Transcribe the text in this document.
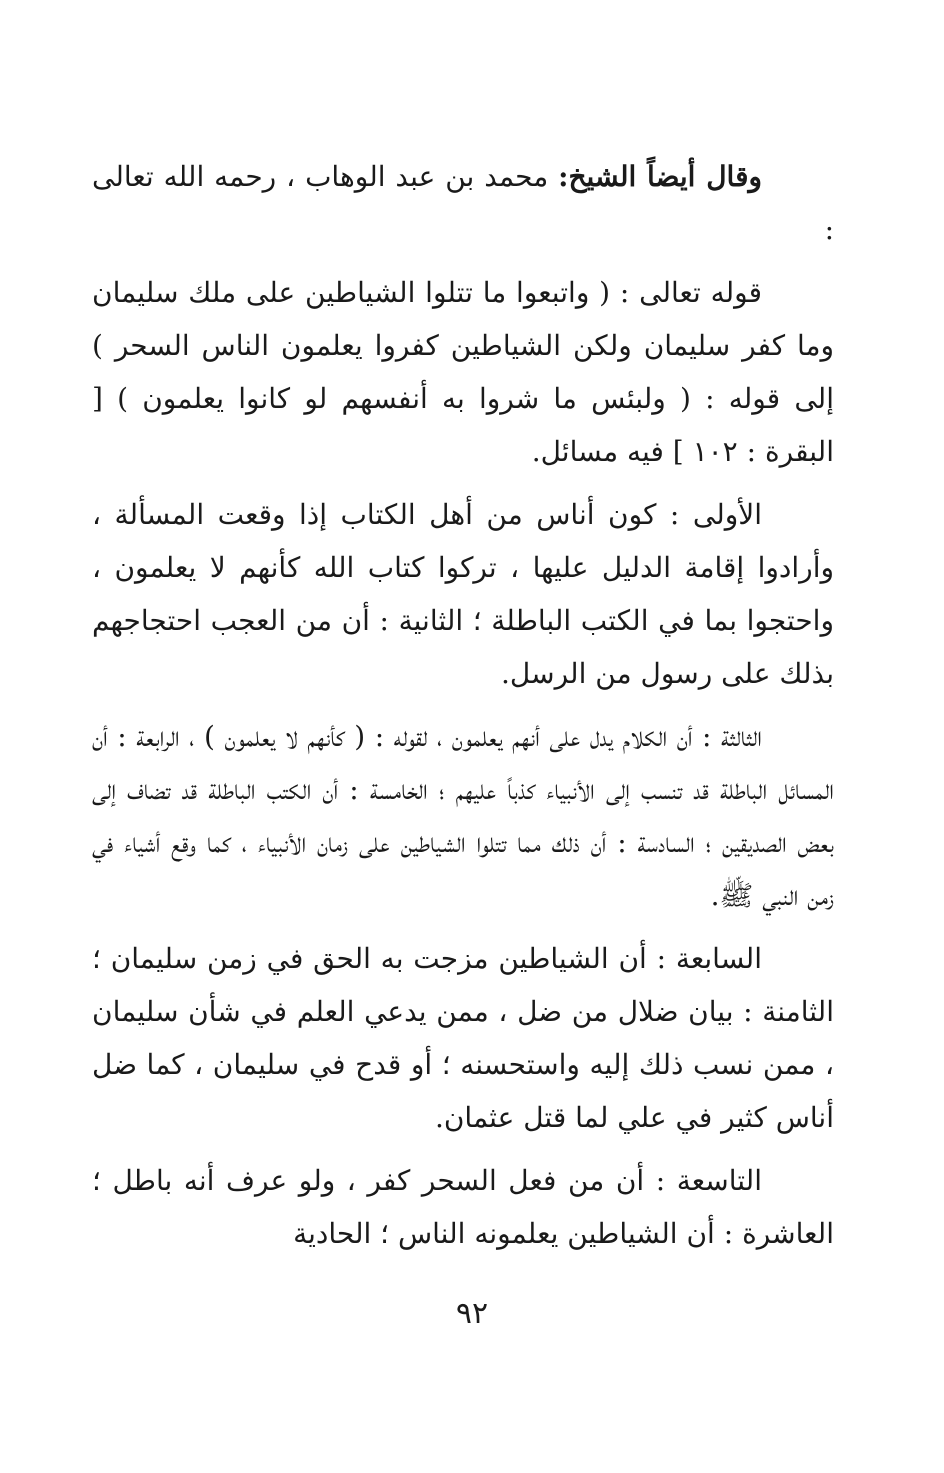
وقال أيضاً الشيخ: محمد بن عبد الوهاب ، رحمه الله تعالى :

قوله تعالى : ( واتبعوا ما تتلوا الشياطين على ملك سليمان وما كفر سليمان ولكن الشياطين كفروا يعلمون الناس السحر ) إلى قوله : ( ولبئس ما شروا به أنفسهم لو كانوا يعلمون ) [ البقرة : ١٠٢ ] فيه مسائل.

الأولى : كون أناس من أهل الكتاب إذا وقعت المسألة ، وأرادوا إقامة الدليل عليها ، تركوا كتاب الله كأنهم لا يعلمون ، واحتجوا بما في الكتب الباطلة ؛ الثانية : أن من العجب احتجاجهم بذلك على رسول من الرسل.

الثالثة : أن الكلام يدل على أنهم يعلمون ، لقوله : ( كأنهم لا يعلمون ) ، الرابعة : أن المسائل الباطلة قد تنسب إلى الأنبياء كذباً عليهم ؛ الخامسة : أن الكتب الباطلة قد تضاف إلى بعض الصديقين ؛ السادسة : أن ذلك مما تتلوا الشياطين على زمان الأنبياء ، كما وقع أشياء في زمن النبي ﷺ.

السابعة : أن الشياطين مزجت به الحق في زمن سليمان ؛ الثامنة : بيان ضلال من ضل ، ممن يدعي العلم في شأن سليمان ، ممن نسب ذلك إليه واستحسنه ؛ أو قدح في سليمان ، كما ضل أناس كثير في علي لما قتل عثمان.

التاسعة : أن من فعل السحر كفر ، ولو عرف أنه باطل ؛ العاشرة : أن الشياطين يعلمونه الناس ؛ الحادية

٩٢
